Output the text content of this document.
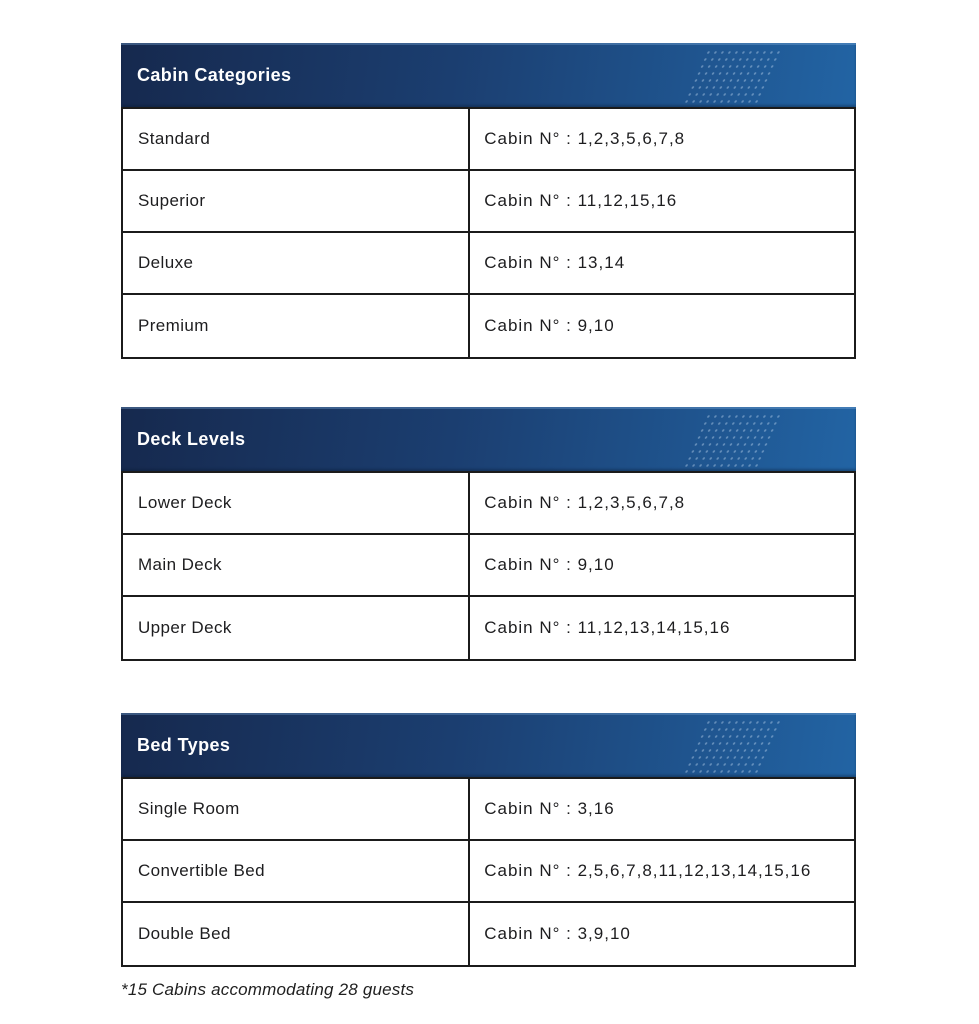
Cabin Categories
Standard	Cabin N° : 1,2,3,5,6,7,8
Superior	Cabin N° : 11,12,15,16
Deluxe	Cabin N° : 13,14
Premium	Cabin N° : 9,10
Deck Levels
Lower Deck	Cabin N° : 1,2,3,5,6,7,8
Main Deck	Cabin N° : 9,10
Upper Deck	Cabin N° : 11,12,13,14,15,16
Bed Types
Single Room	Cabin N° : 3,16
Convertible Bed	Cabin N° : 2,5,6,7,8,11,12,13,14,15,16
Double Bed	Cabin N° : 3,9,10

*15 Cabins accommodating 28 guests
